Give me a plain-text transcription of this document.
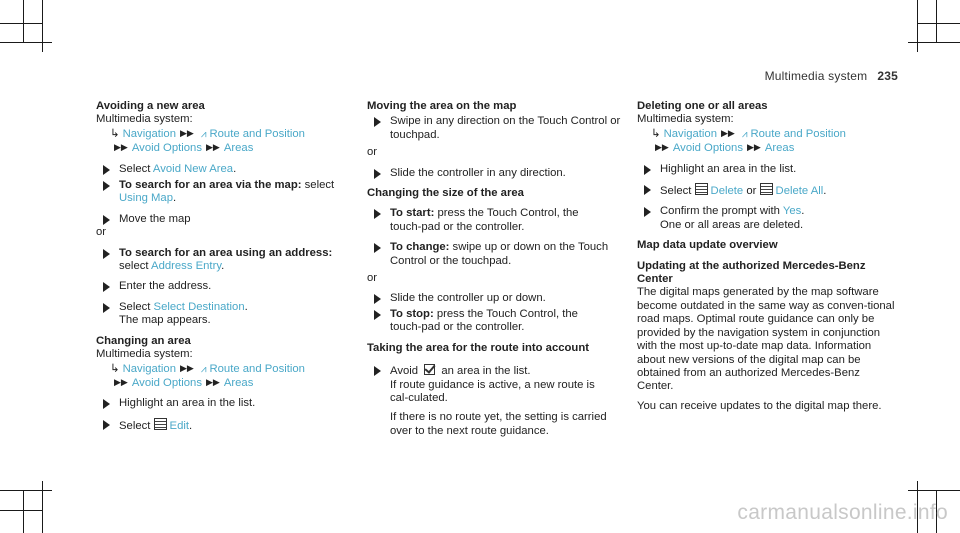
Multimedia system 235
Avoiding a new area
Multimedia system:
↳ Navigation ▶▶ ⩘ Route and Position
▶▶ Avoid Options ▶▶ Areas
Select Avoid New Area.
To search for an area via the map: select Using Map.
Move the map
or
To search for an area using an address:
select Address Entry.
Enter the address.
Select Select Destination.
The map appears.
Changing an area
Multimedia system:
↳ Navigation ▶▶ ⩘ Route and Position
▶▶ Avoid Options ▶▶ Areas
Highlight an area in the list.
Select Edit.
Moving the area on the map
Swipe in any direction on the Touch Control or touchpad.
or
Slide the controller in any direction.
Changing the size of the area
To start: press the Touch Control, the touch‑pad or the controller.
To change: swipe up or down on the Touch Control or the touchpad.
or
Slide the controller up or down.
To stop: press the Touch Control, the touch‑pad or the controller.
Taking the area for the route into account
Avoid  an area in the list.
If route guidance is active, a new route is cal‑culated.
If there is no route yet, the setting is carried over to the next route guidance.
Deleting one or all areas
Multimedia system:
↳ Navigation ▶▶ ⩘ Route and Position
▶▶ Avoid Options ▶▶ Areas
Highlight an area in the list.
Select Delete or Delete All.
Confirm the prompt with Yes.
One or all areas are deleted.
Map data update overview
Updating at the authorized Mercedes-Benz Center
The digital maps generated by the map software become outdated in the same way as conven‑tional road maps. Optimal route guidance can only be provided by the navigation system in conjunction with the most up-to-date map data. Information about new versions of the digital map can be obtained from an authorized Mercedes-Benz Center.
You can receive updates to the digital map there.
carmanualsonline.info
